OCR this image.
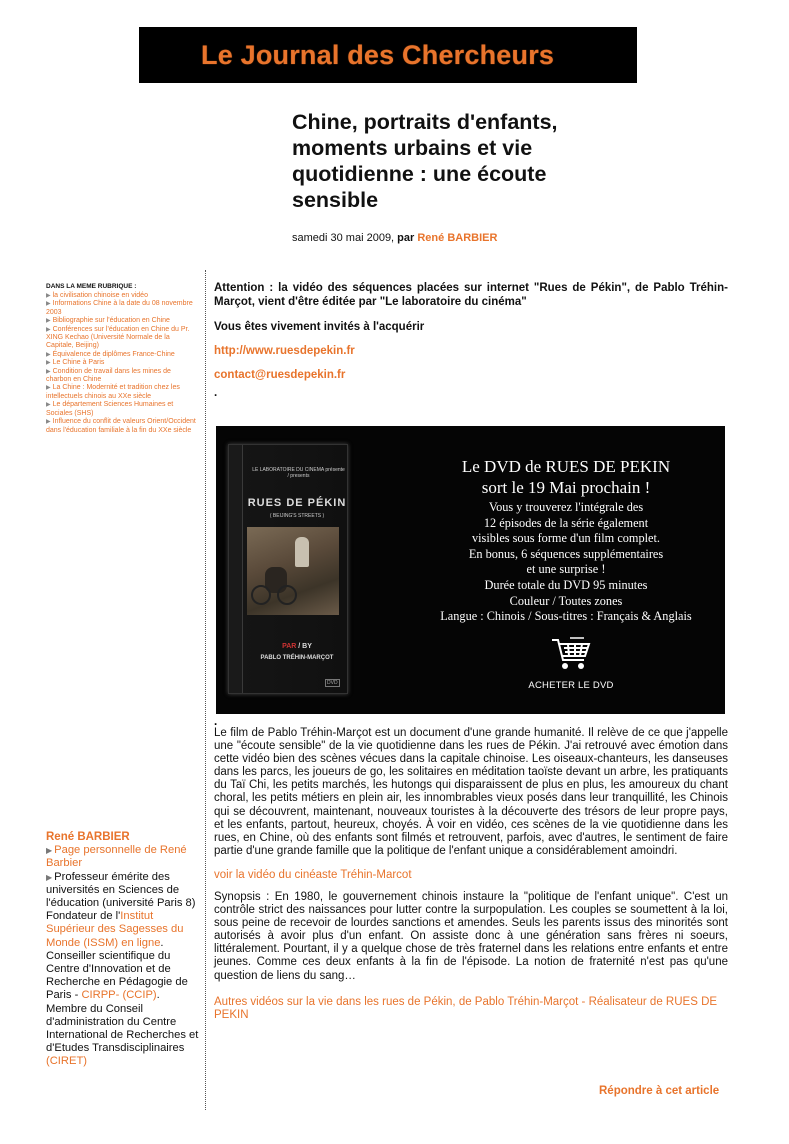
Le Journal des Chercheurs
Chine, portraits d'enfants, moments urbains et vie quotidienne : une écoute sensible
samedi 30 mai 2009, par René BARBIER
DANS LA MEME RUBRIQUE :
▶ la civilisation chinoise en vidéo
▶ Informations Chine à la date du 08 novembre 2003
▶ Bibliographie sur l'éducation en Chine
▶ Conférences sur l'éducation en Chine du Pr. XING Kechao (Université Normale de la Capitale, Beijing)
▶ Équivalence de diplômes France-Chine
▶ Le Chine à Paris
▶ Condition de travail dans les mines de charbon en Chine
▶ La Chine : Modernité et tradition chez les intellectuels chinois au XXe siècle
▶ Le département Sciences Humaines et Sociales (SHS)
▶ Influence du conflit de valeurs Orient/Occident dans l'éducation familiale à la fin du XXe siècle
René BARBIER
▶ Page personnelle de René Barbier
▶ Professeur émérite des universités en Sciences de l'éducation (université Paris 8) Fondateur de l'Institut Supérieur des Sagesses du Monde (ISSM) en ligne. Conseiller scientifique du Centre d'Innovation et de Recherche en Pédagogie de Paris - CIRPP- (CCIP). Membre du Conseil d'administration du Centre International de Recherches et d'Etudes Transdisciplinaires (CIRET)

Attention : la vidéo des séquences placées sur internet "Rues de Pékin", de Pablo Tréhin-Marçot, vient d'être éditée par "Le laboratoire du cinéma"

Vous êtes vivement invités à l'acquérir

http://www.ruesdepekin.fr
contact@ruesdepekin.fr
.
LE LABORATOIRE DU CINEMA présente / presents
RUES DE PÉKIN
( BEIJING'S STREETS )
PAR / BY
PABLO TRÉHIN-MARÇOT
DVD
Le DVD de RUES DE PEKIN
sort le 19 Mai prochain !
Vous y trouverez l'intégrale des
12 épisodes de la série également
visibles sous forme d'un film complet.
En bonus, 6 séquences supplémentaires
et une surprise !
Durée totale du DVD 95 minutes
Couleur / Toutes zones
Langue : Chinois / Sous-titres : Français & Anglais
ACHETER LE DVD
.

Le film de Pablo Tréhin-Marçot est un document d'une grande humanité. Il relève de ce que j'appelle une "écoute sensible" de la vie quotidienne dans les rues de Pékin. J'ai retrouvé avec émotion dans cette vidéo bien des scènes vécues dans la capitale chinoise. Les oiseaux-chanteurs, les danseuses dans les parcs, les joueurs de go, les solitaires en méditation taoïste devant un arbre, les pratiquants du Taï Chi, les petits marchés, les hutongs qui disparaissent de plus en plus, les amoureux du chant choral, les petits métiers en plein air, les innombrables vieux posés dans leur tranquillité, les Chinois qui se découvrent, maintenant, nouveaux touristes à la découverte des trésors de leur propre pays, et les enfants, partout, heureux, choyés. À voir en vidéo, ces scènes de la vie quotidienne dans les rues, en Chine, où des enfants sont filmés et retrouvent, parfois, avec d'autres, le sentiment de faire partie d'une grande famille que la politique de l'enfant unique a considérablement amoindri.

voir la vidéo du cinéaste Tréhin-Marcot

Synopsis : En 1980, le gouvernement chinois instaure la "politique de l'enfant unique". C'est un contrôle strict des naissances pour lutter contre la surpopulation. Les couples se soumettent à la loi, sous peine de recevoir de lourdes sanctions et amendes. Seuls les parents issus des minorités sont autorisés à avoir plus d'un enfant. On assiste donc à une génération sans frères ni soeurs, littéralement. Pourtant, il y a quelque chose de très fraternel dans les relations entre enfants et entre jeunes. Comme ces deux enfants à la fin de l'épisode. La notion de fraternité n'est pas qu'une question de liens du sang…

Autres vidéos sur la vie dans les rues de Pékin, de Pablo Tréhin-Marçot - Réalisateur de RUES DE PEKIN
Répondre à cet article
